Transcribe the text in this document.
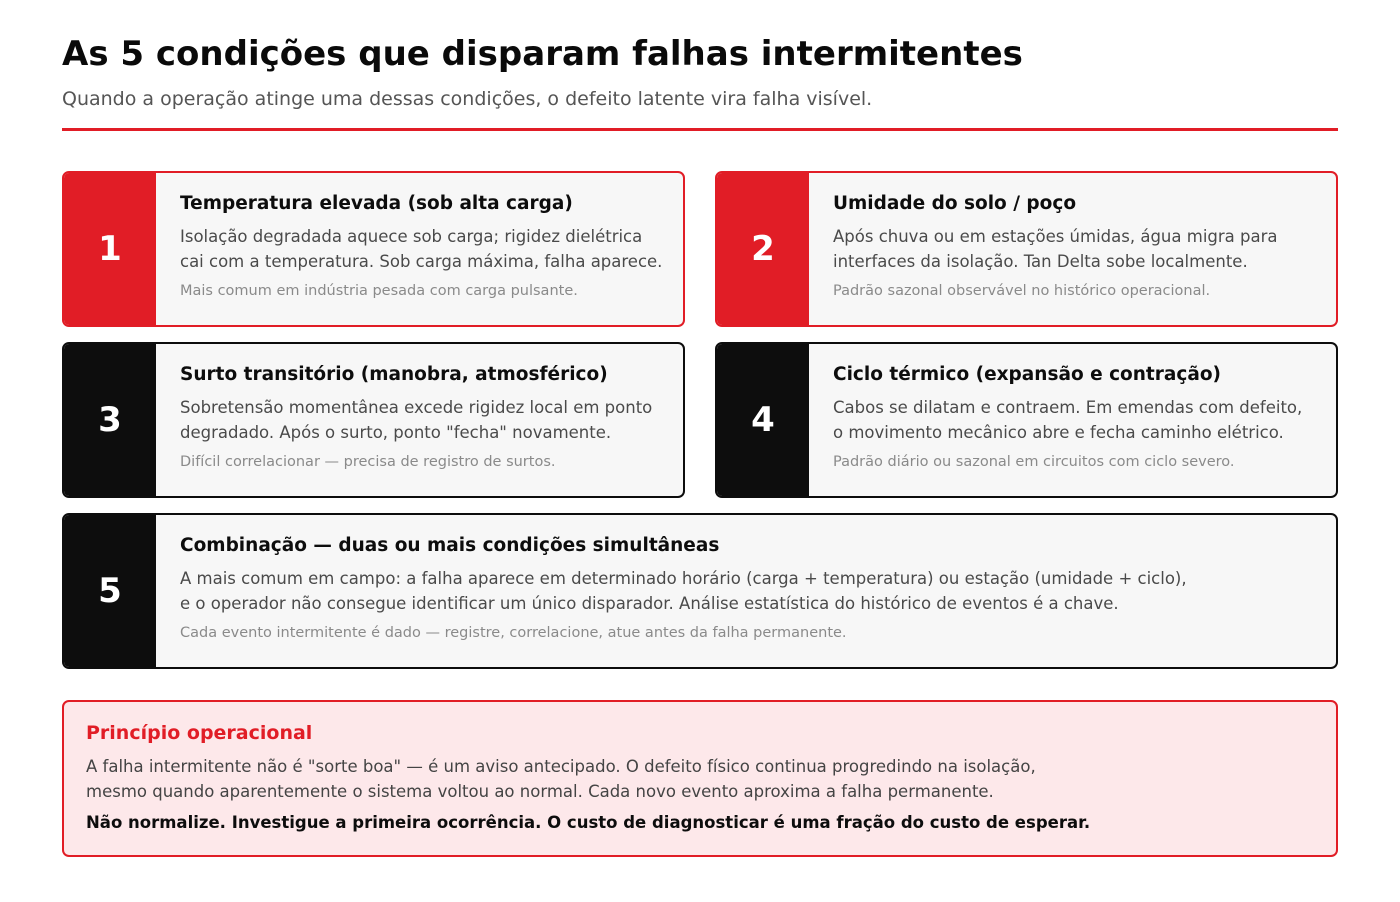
As 5 condições que disparam falhas intermitentes
Quando a operação atinge uma dessas condições, o defeito latente vira falha visível.
1
Temperatura elevada (sob alta carga)
Isolação degradada aquece sob carga; rigidez dielétrica
cai com a temperatura. Sob carga máxima, falha aparece.
Mais comum em indústria pesada com carga pulsante.
2
Umidade do solo / poço
Após chuva ou em estações úmidas, água migra para
interfaces da isolação. Tan Delta sobe localmente.
Padrão sazonal observável no histórico operacional.
3
Surto transitório (manobra, atmosférico)
Sobretensão momentânea excede rigidez local em ponto
degradado. Após o surto, ponto "fecha" novamente.
Difícil correlacionar — precisa de registro de surtos.
4
Ciclo térmico (expansão e contração)
Cabos se dilatam e contraem. Em emendas com defeito,
o movimento mecânico abre e fecha caminho elétrico.
Padrão diário ou sazonal em circuitos com ciclo severo.
5
Combinação — duas ou mais condições simultâneas
A mais comum em campo: a falha aparece em determinado horário (carga + temperatura) ou estação (umidade + ciclo),
e o operador não consegue identificar um único disparador. Análise estatística do histórico de eventos é a chave.
Cada evento intermitente é dado — registre, correlacione, atue antes da falha permanente.
Princípio operacional
A falha intermitente não é "sorte boa" — é um aviso antecipado. O defeito físico continua progredindo na isolação,
mesmo quando aparentemente o sistema voltou ao normal. Cada novo evento aproxima a falha permanente.
Não normalize. Investigue a primeira ocorrência. O custo de diagnosticar é uma fração do custo de esperar.
